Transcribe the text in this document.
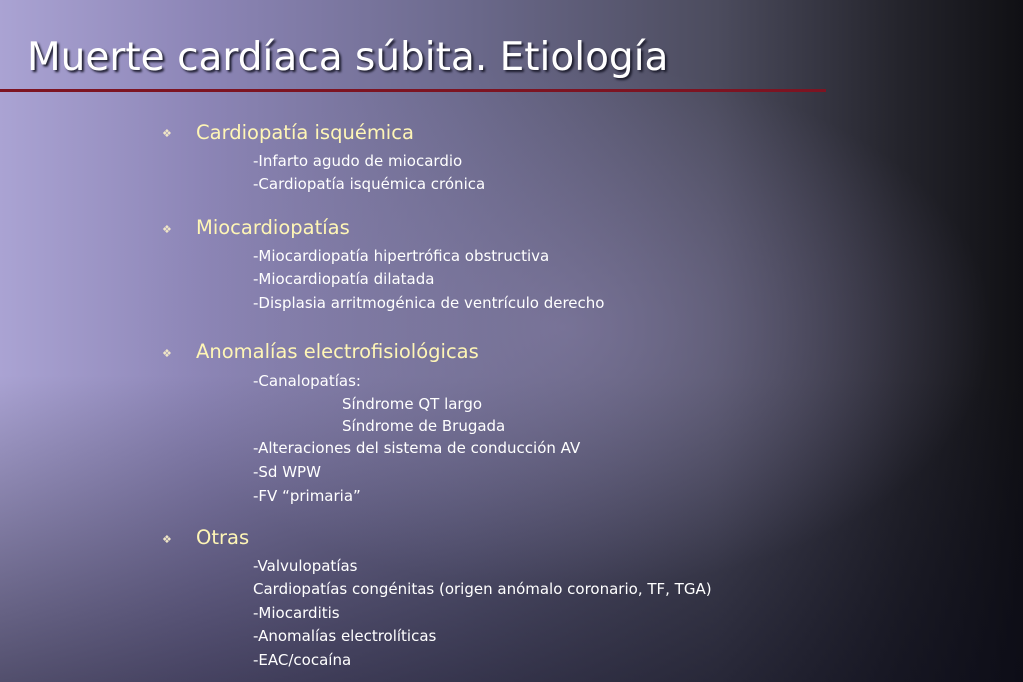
Muerte cardíaca súbita. Etiología
❖ Cardiopatía isquémica
-Infarto agudo de miocardio
-Cardiopatía isquémica crónica
❖ Miocardiopatías
-Miocardiopatía hipertrófica obstructiva
-Miocardiopatía dilatada
-Displasia arritmogénica de ventrículo derecho
❖ Anomalías electrofisiológicas
-Canalopatías:
Síndrome QT largo
Síndrome de Brugada
-Alteraciones del sistema de conducción AV
-Sd WPW
-FV “primaria”
❖ Otras
-Valvulopatías
Cardiopatías congénitas (origen anómalo coronario, TF, TGA)
-Miocarditis
-Anomalías electrolíticas
-EAC/cocaína
